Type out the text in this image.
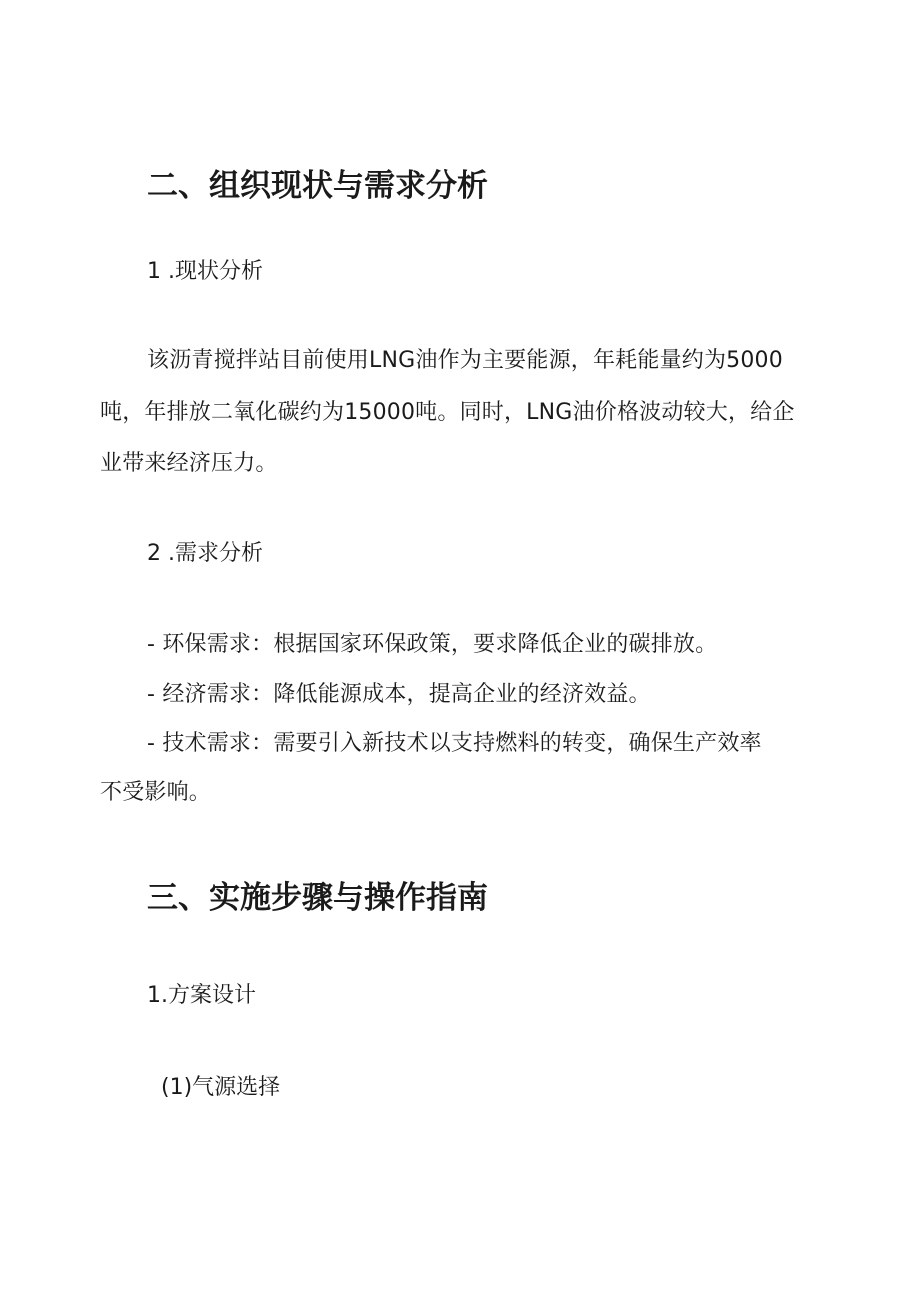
二、组织现状与需求分析
1 .现状分析
该沥青搅拌站目前使用LNG油作为主要能源，年耗能量约为5000
吨，年排放二氧化碳约为15000吨。同时，LNG油价格波动较大，给企
业带来经济压力。
2 .需求分析
- 环保需求：根据国家环保政策，要求降低企业的碳排放。
- 经济需求：降低能源成本，提高企业的经济效益。
- 技术需求：需要引入新技术以支持燃料的转变，确保生产效率
不受影响。
三、实施步骤与操作指南
1.方案设计
(1)气源选择
